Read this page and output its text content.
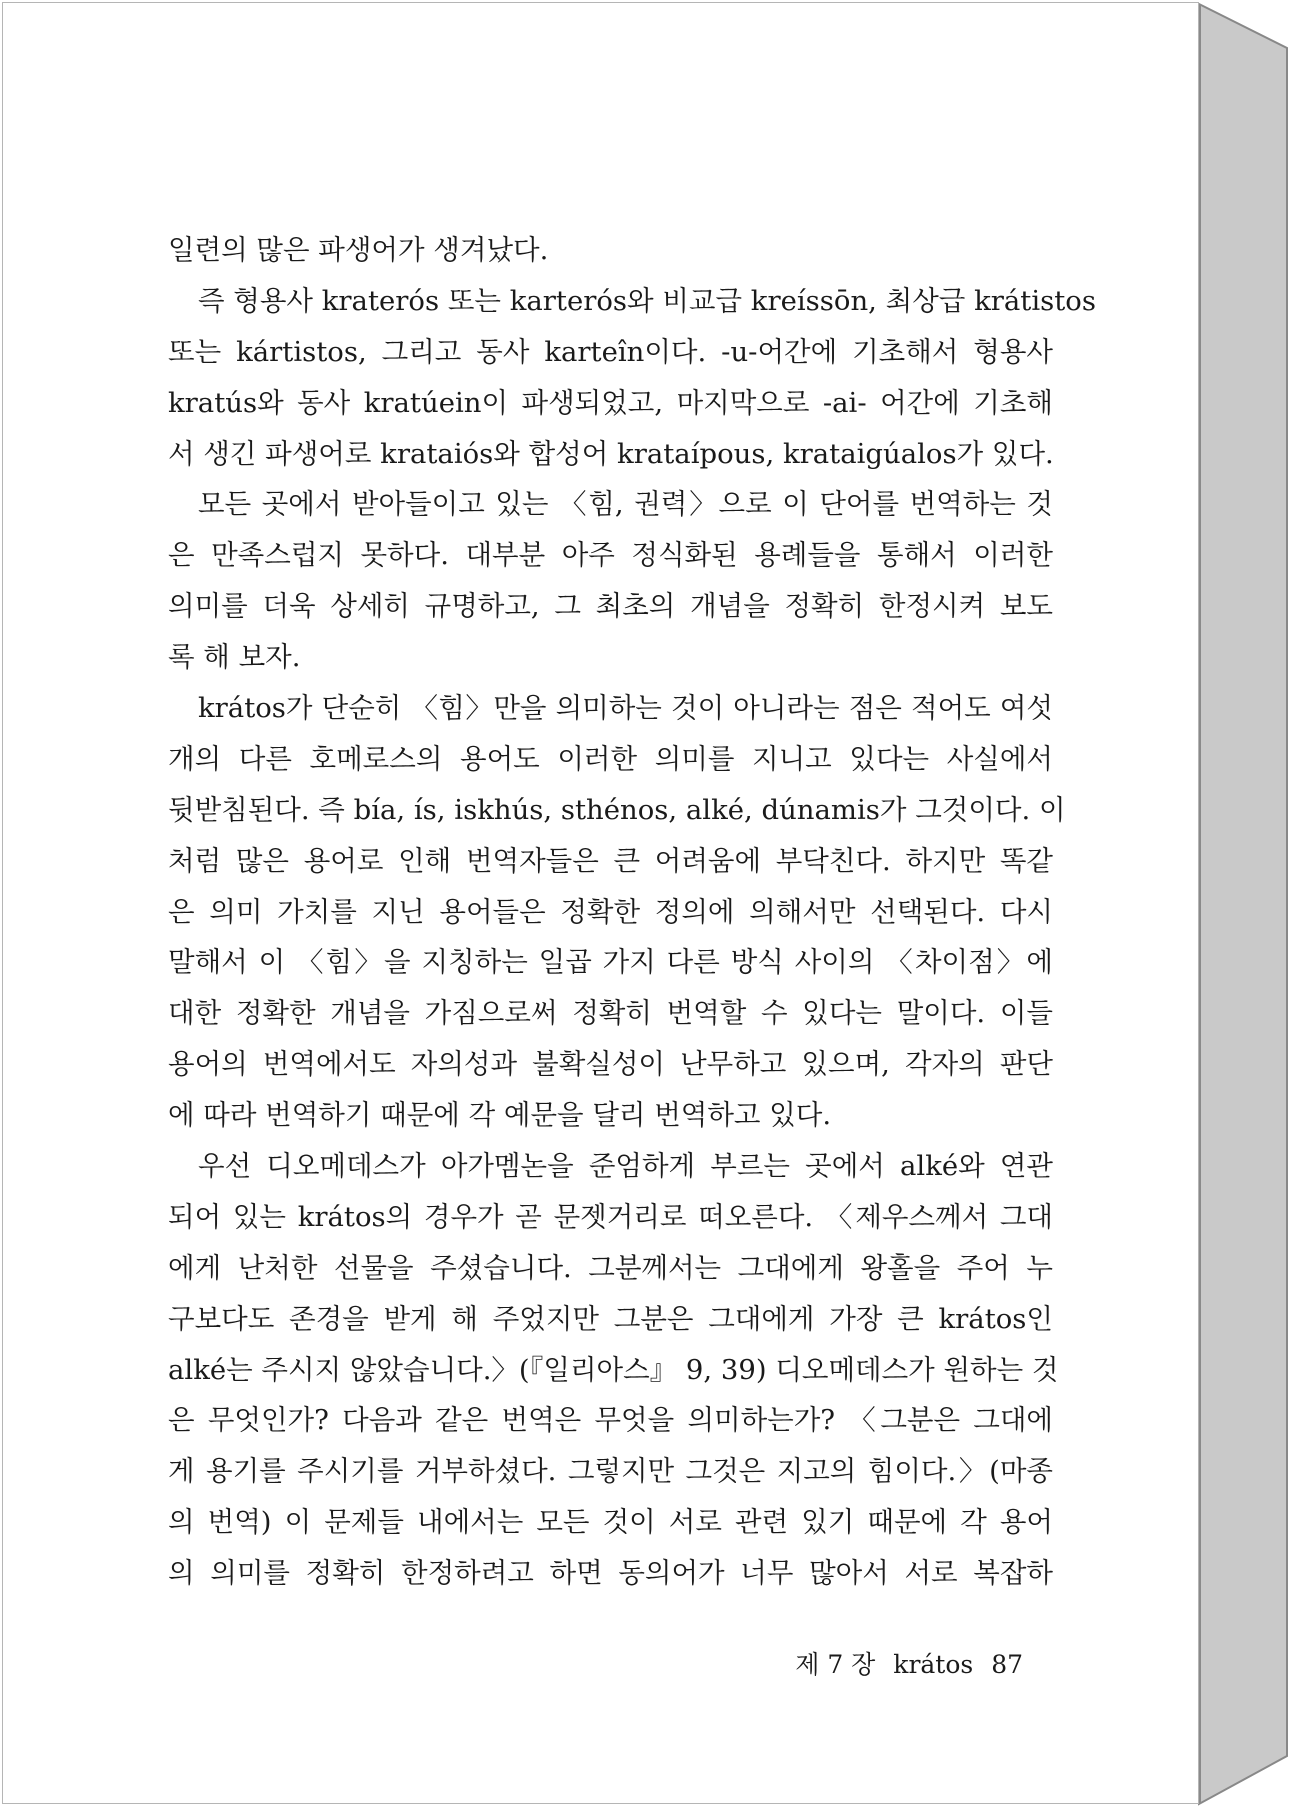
일련의 많은 파생어가 생겨났다.
즉 형용사 kraterós 또는 karterós와 비교급 kreíssōn, 최상급 krátistos
또는 kártistos, 그리고 동사 karteîn이다. -u-어간에 기초해서 형용사
kratús와 동사 kratúein이 파생되었고, 마지막으로 -ai- 어간에 기초해
서 생긴 파생어로 krataiós와 합성어 krataípous, krataigúalos가 있다.
모든 곳에서 받아들이고 있는 〈힘, 권력〉으로 이 단어를 번역하는 것
은 만족스럽지 못하다. 대부분 아주 정식화된 용례들을 통해서 이러한
의미를 더욱 상세히 규명하고, 그 최초의 개념을 정확히 한정시켜 보도
록 해 보자.
krátos가 단순히 〈힘〉만을 의미하는 것이 아니라는 점은 적어도 여섯
개의 다른 호메로스의 용어도 이러한 의미를 지니고 있다는 사실에서
뒷받침된다. 즉 bía, ís, iskhús, sthénos, alké, dúnamis가 그것이다. 이
처럼 많은 용어로 인해 번역자들은 큰 어려움에 부닥친다. 하지만 똑같
은 의미 가치를 지닌 용어들은 정확한 정의에 의해서만 선택된다. 다시
말해서 이 〈힘〉을 지칭하는 일곱 가지 다른 방식 사이의 〈차이점〉에
대한 정확한 개념을 가짐으로써 정확히 번역할 수 있다는 말이다. 이들
용어의 번역에서도 자의성과 불확실성이 난무하고 있으며, 각자의 판단
에 따라 번역하기 때문에 각 예문을 달리 번역하고 있다.
우선 디오메데스가 아가멤논을 준엄하게 부르는 곳에서 alké와 연관
되어 있는 krátos의 경우가 곧 문젯거리로 떠오른다. 〈제우스께서 그대
에게 난처한 선물을 주셨습니다. 그분께서는 그대에게 왕홀을 주어 누
구보다도 존경을 받게 해 주었지만 그분은 그대에게 가장 큰 krátos인
alké는 주시지 않았습니다.〉(『일리아스』 9, 39) 디오메데스가 원하는 것
은 무엇인가? 다음과 같은 번역은 무엇을 의미하는가? 〈그분은 그대에
게 용기를 주시기를 거부하셨다. 그렇지만 그것은 지고의 힘이다.〉(마종
의 번역) 이 문제들 내에서는 모든 것이 서로 관련 있기 때문에 각 용어
의 의미를 정확히 한정하려고 하면 동의어가 너무 많아서 서로 복잡하
제 7 장 krátos 87
